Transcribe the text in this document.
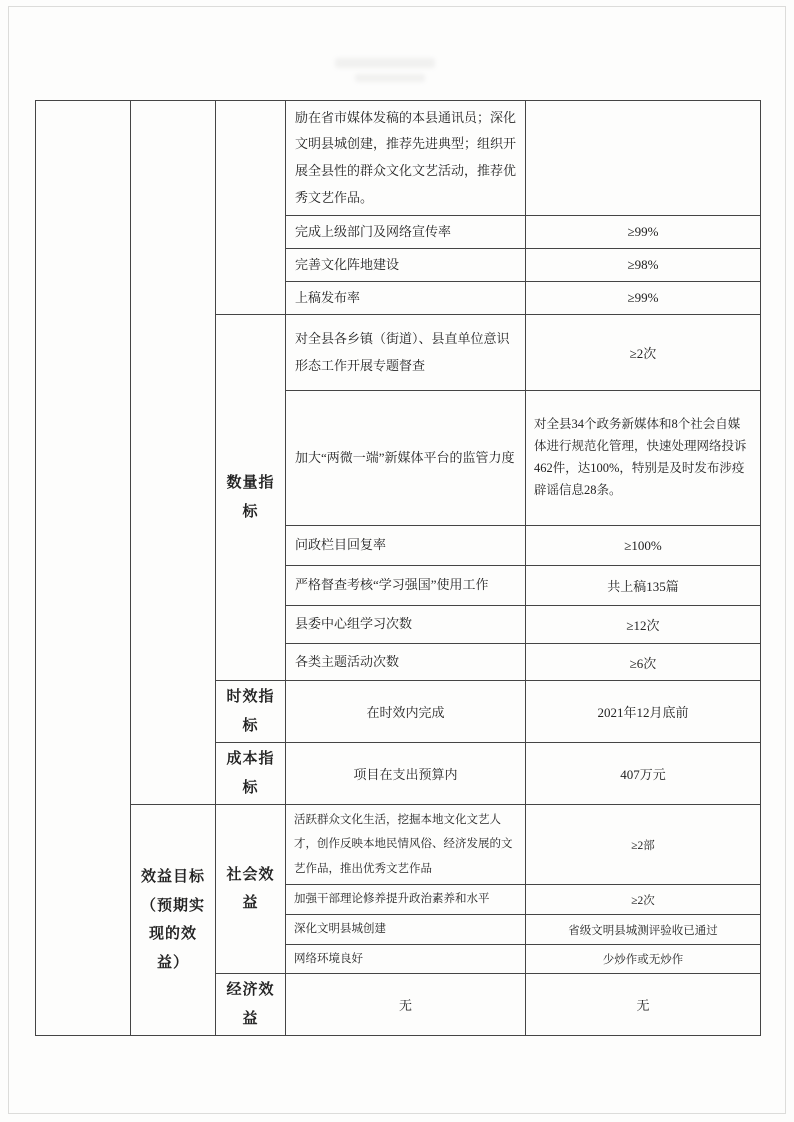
			励在省市媒体发稿的本县通讯员；深化文明县城创建，推荐先进典型；组织开展全县性的群众文化文艺活动，推荐优秀文艺作品。	
			完成上级部门及网络宣传率	≥99%
			完善文化阵地建设	≥98%
			上稿发布率	≥99%
		数量指标	对全县各乡镇（街道）、县直单位意识形态工作开展专题督查	≥2次
			加大“两微一端”新媒体平台的监管力度	对全县34个政务新媒体和8个社会自媒体进行规范化管理，快速处理网络投诉462件，达100%，特别是及时发布涉疫辟谣信息28条。
			问政栏目回复率	≥100%
			严格督查考核“学习强国”使用工作	共上稿135篇
			县委中心组学习次数	≥12次
			各类主题活动次数	≥6次
		时效指标	在时效内完成	2021年12月底前
		成本指标	项目在支出预算内	407万元
	效益目标（预期实现的效益）	社会效益	活跃群众文化生活，挖掘本地文化文艺人才，创作反映本地民情风俗、经济发展的文艺作品，推出优秀文艺作品	≥2部
			加强干部理论修养提升政治素养和水平	≥2次
			深化文明县城创建	省级文明县城测评验收已通过
			网络环境良好	少炒作或无炒作
		经济效益	无	无
